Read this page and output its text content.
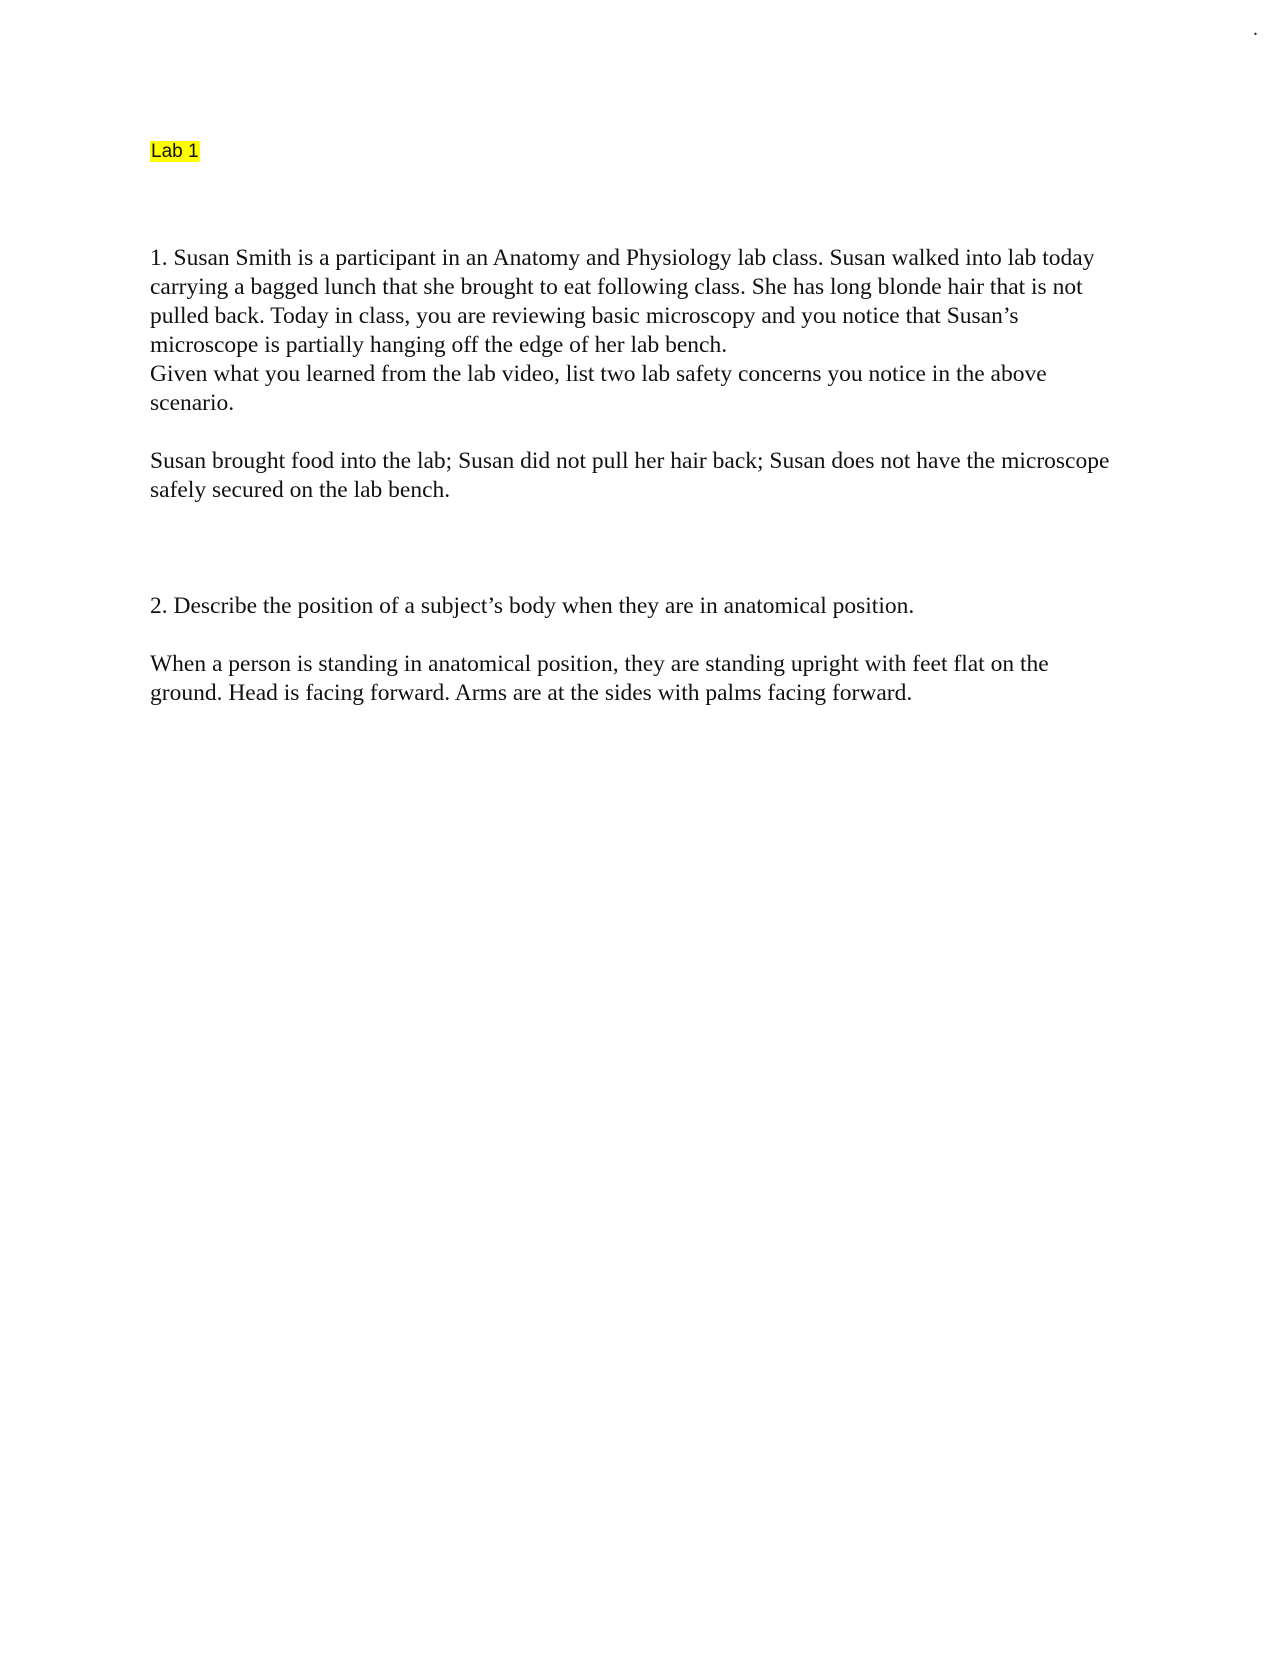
.
Lab 1

1. Susan Smith is a participant in an Anatomy and Physiology lab class. Susan walked into lab today carrying a bagged lunch that she brought to eat following class. She has long blonde hair that is not pulled back. Today in class, you are reviewing basic microscopy and you notice that Susan’s microscope is partially hanging off the edge of her lab bench.

Given what you learned from the lab video, list two lab safety concerns you notice in the above scenario.

Susan brought food into the lab; Susan did not pull her hair back; Susan does not have the microscope safely secured on the lab bench.

2. Describe the position of a subject’s body when they are in anatomical position.

When a person is standing in anatomical position, they are standing upright with feet flat on the ground. Head is facing forward. Arms are at the sides with palms facing forward.
